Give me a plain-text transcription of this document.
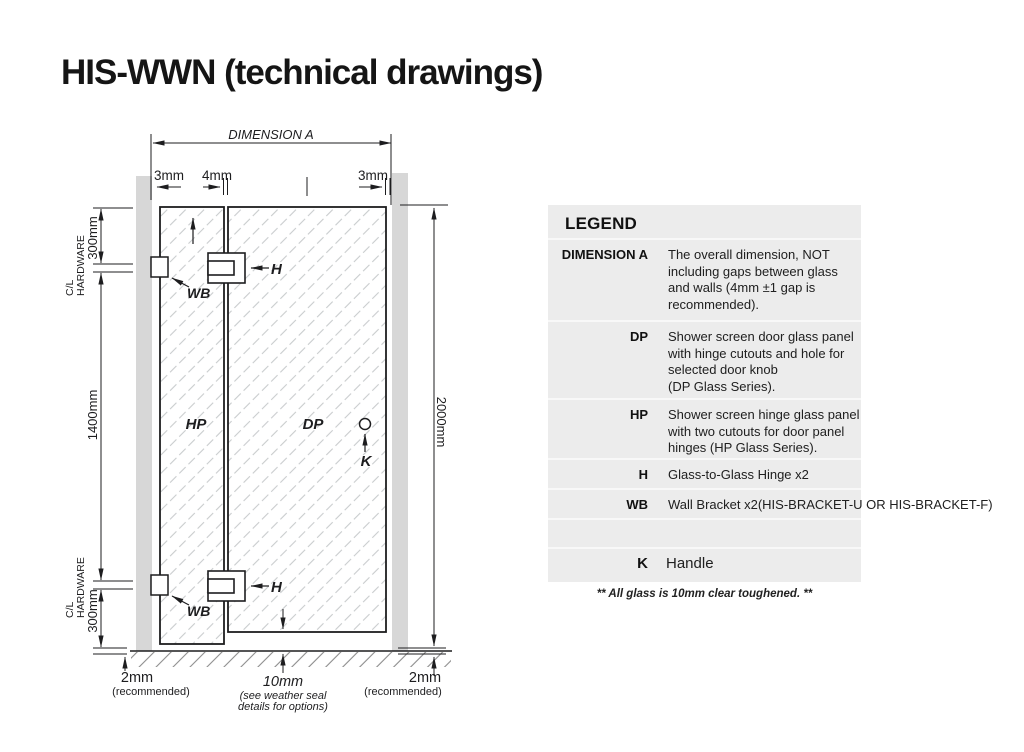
HIS-WWN (technical drawings)
DIMENSION A
3mm 4mm	3mm
300mm
1400mm
300mm
C/L HARDWARE
C/L HARDWARE
2000mm
HP	DP
H
H
WB
WB
K
2mm
(recommended)
10mm
(see weather seal
details for options)
2mm
(recommended)
LEGEND
DIMENSION A The overall dimension, NOT
including gaps between glass
and walls (4mm ±1 gap is
recommended).
DP Shower screen door glass panel
with hinge cutouts and hole for
selected door knob
(DP Glass Series).
HP Shower screen hinge glass panel
with two cutouts for door panel
hinges (HP Glass Series).
H Glass-to-Glass Hinge x2
WB Wall Bracket x2(HIS-BRACKET-U OR HIS-BRACKET-F)
K Handle
** All glass is 10mm clear toughened. **
